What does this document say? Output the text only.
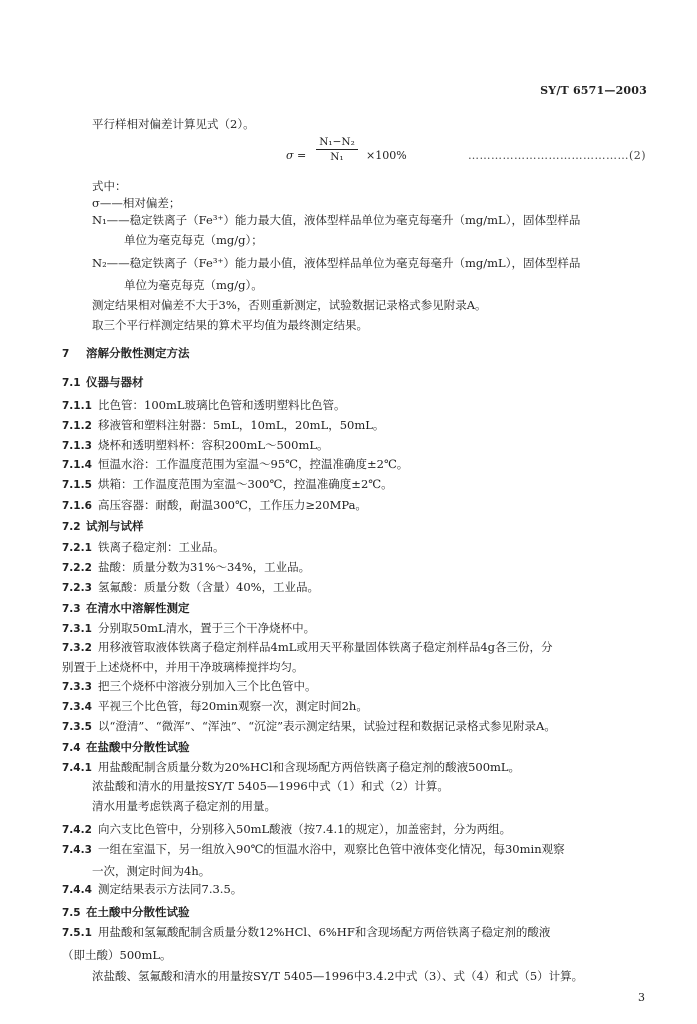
SY/T 6571—2003
平行样相对偏差计算见式（2）。
σ =
N₁−N₂
N₁	×100%	……………………………………(2)
式中：
σ——相对偏差；
N₁——稳定铁离子（Fe³⁺）能力最大值，液体型样品单位为毫克每毫升（mg/mL），固体型样品
单位为毫克每克（mg/g）；
N₂——稳定铁离子（Fe³⁺）能力最小值，液体型样品单位为毫克每毫升（mg/mL），固体型样品
单位为毫克每克（mg/g）。
测定结果相对偏差不大于3%，否则重新测定，试验数据记录格式参见附录A。
取三个平行样测定结果的算术平均值为最终测定结果。
7 溶解分散性测定方法
7.1 仪器与器材
7.1.1 比色管：100mL玻璃比色管和透明塑料比色管。
7.1.2 移液管和塑料注射器：5mL，10mL，20mL，50mL。
7.1.3 烧杯和透明塑料杯：容积200mL～500mL。
7.1.4 恒温水浴：工作温度范围为室温～95℃，控温准确度±2℃。
7.1.5 烘箱：工作温度范围为室温～300℃，控温准确度±2℃。
7.1.6 高压容器：耐酸，耐温300℃，工作压力≥20MPa。
7.2 试剂与试样
7.2.1 铁离子稳定剂：工业品。
7.2.2 盐酸：质量分数为31%～34%，工业品。
7.2.3 氢氟酸：质量分数（含量）40%，工业品。
7.3 在清水中溶解性测定
7.3.1 分别取50mL清水，置于三个干净烧杯中。
7.3.2 用移液管取液体铁离子稳定剂样品4mL或用天平称量固体铁离子稳定剂样品4g各三份，分
别置于上述烧杯中，并用干净玻璃棒搅拌均匀。
7.3.3 把三个烧杯中溶液分别加入三个比色管中。
7.3.4 平视三个比色管，每20min观察一次，测定时间2h。
7.3.5 以“澄清”、“微浑”、“浑浊”、“沉淀”表示测定结果，试验过程和数据记录格式参见附录A。
7.4 在盐酸中分散性试验
7.4.1 用盐酸配制含质量分数为20%HCl和含现场配方两倍铁离子稳定剂的酸液500mL。
浓盐酸和清水的用量按SY/T 5405—1996中式（1）和式（2）计算。
清水用量考虑铁离子稳定剂的用量。
7.4.2 向六支比色管中，分别移入50mL酸液（按7.4.1的规定），加盖密封，分为两组。
7.4.3 一组在室温下，另一组放入90℃的恒温水浴中，观察比色管中液体变化情况，每30min观察
一次，测定时间为4h。
7.4.4 测定结果表示方法同7.3.5。
7.5 在土酸中分散性试验
7.5.1 用盐酸和氢氟酸配制含质量分数12%HCl、6%HF和含现场配方两倍铁离子稳定剂的酸液
（即土酸）500mL。
浓盐酸、氢氟酸和清水的用量按SY/T 5405—1996中3.4.2中式（3）、式（4）和式（5）计算。
3
